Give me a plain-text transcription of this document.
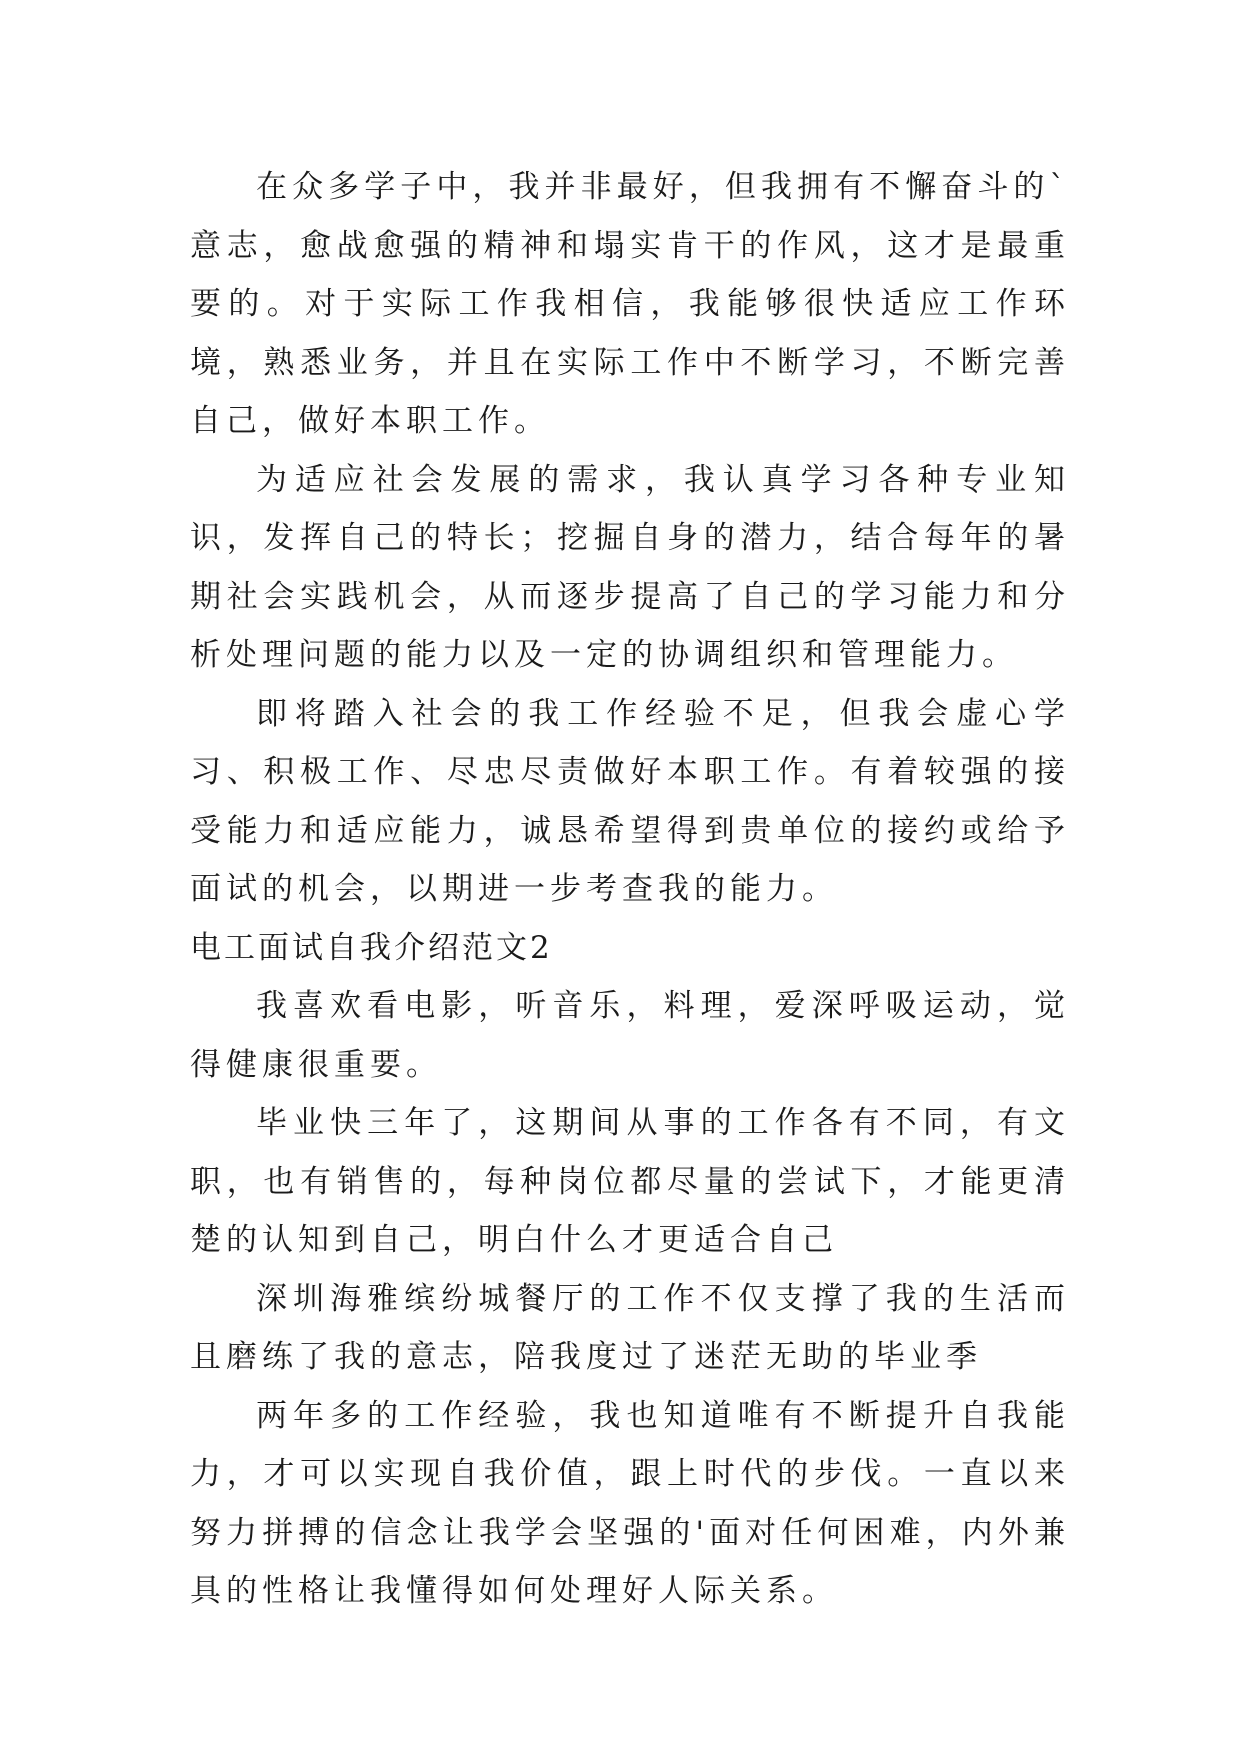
在众多学子中，我并非最好，但我拥有不懈奋斗的`意志，愈战愈强的精神和塌实肯干的作风，这才是最重要的。对于实际工作我相信，我能够很快适应工作环境，熟悉业务，并且在实际工作中不断学习，不断完善自己，做好本职工作。

为适应社会发展的需求，我认真学习各种专业知识，发挥自己的特长；挖掘自身的潜力，结合每年的暑期社会实践机会，从而逐步提高了自己的学习能力和分析处理问题的能力以及一定的协调组织和管理能力。

即将踏入社会的我工作经验不足，但我会虚心学习、积极工作、尽忠尽责做好本职工作。有着较强的接受能力和适应能力，诚恳希望得到贵单位的接约或给予面试的机会，以期进一步考查我的能力。

电工面试自我介绍范文2

我喜欢看电影，听音乐，料理，爱深呼吸运动，觉得健康很重要。

毕业快三年了，这期间从事的工作各有不同，有文职，也有销售的，每种岗位都尽量的尝试下，才能更清楚的认知到自己，明白什么才更适合自己

深圳海雅缤纷城餐厅的工作不仅支撑了我的生活而且磨练了我的意志，陪我度过了迷茫无助的毕业季

两年多的工作经验，我也知道唯有不断提升自我能力，才可以实现自我价值，跟上时代的步伐。一直以来努力拼搏的信念让我学会坚强的'面对任何困难，内外兼具的性格让我懂得如何处理好人际关系。
